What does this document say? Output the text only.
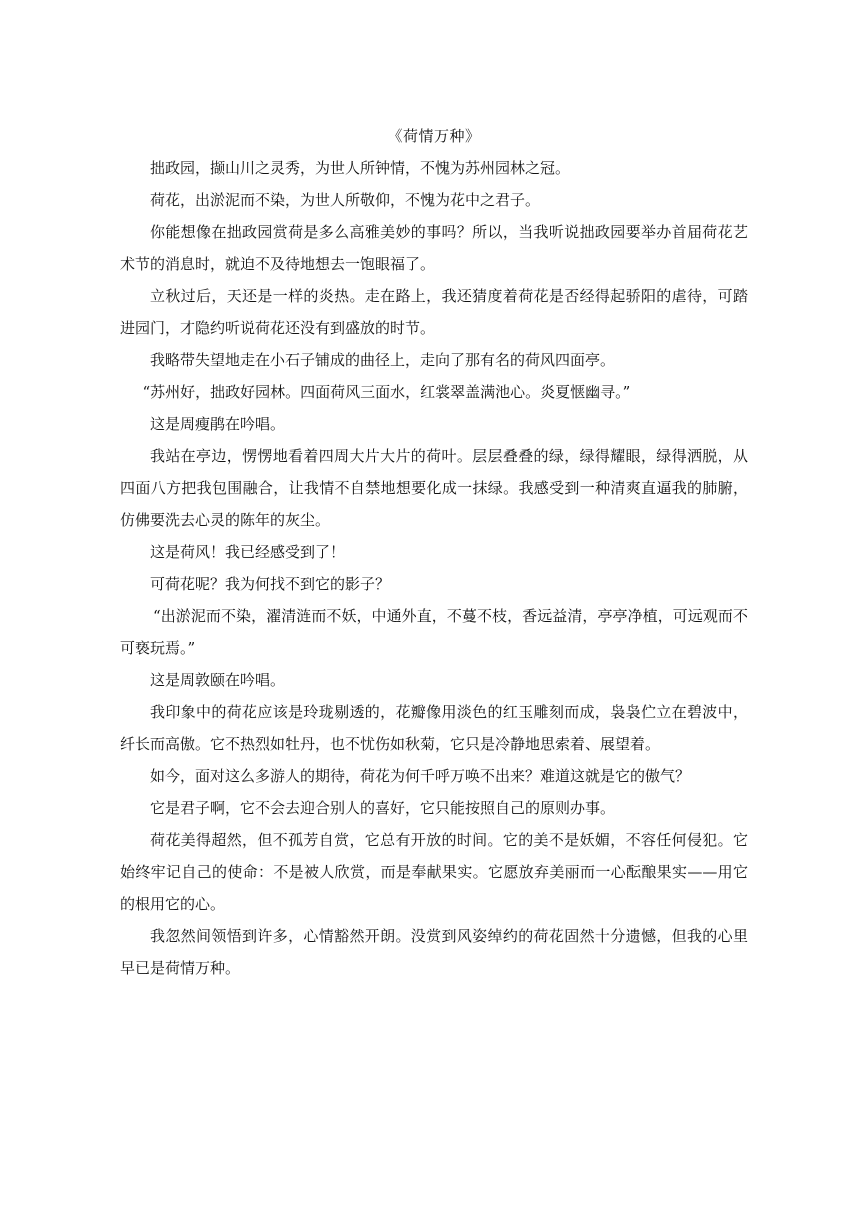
《荷情万种》

拙政园，撷山川之灵秀，为世人所钟情，不愧为苏州园林之冠。

荷花，出淤泥而不染，为世人所敬仰，不愧为花中之君子。

你能想像在拙政园赏荷是多么高雅美妙的事吗？所以，当我听说拙政园要举办首届荷花艺术节的消息时，就迫不及待地想去一饱眼福了。

立秋过后，天还是一样的炎热。走在路上，我还猜度着荷花是否经得起骄阳的虐待，可踏进园门，才隐约听说荷花还没有到盛放的时节。

我略带失望地走在小石子铺成的曲径上，走向了那有名的荷风四面亭。

“苏州好，拙政好园林。四面荷风三面水，红裳翠盖满池心。炎夏惬幽寻。”

这是周瘦鹃在吟唱。

我站在亭边，愣愣地看着四周大片大片的荷叶。层层叠叠的绿，绿得耀眼，绿得洒脱，从四面八方把我包围融合，让我情不自禁地想要化成一抹绿。我感受到一种清爽直逼我的肺腑，仿佛要洗去心灵的陈年的灰尘。

这是荷风！我已经感受到了！

可荷花呢？我为何找不到它的影子？

“出淤泥而不染，濯清涟而不妖，中通外直，不蔓不枝，香远益清，亭亭净植，可远观而不可亵玩焉。”

这是周敦颐在吟唱。

我印象中的荷花应该是玲珑剔透的，花瓣像用淡色的红玉雕刻而成，袅袅伫立在碧波中，纤长而高傲。它不热烈如牡丹，也不忧伤如秋菊，它只是冷静地思索着、展望着。

如今，面对这么多游人的期待，荷花为何千呼万唤不出来？难道这就是它的傲气？

它是君子啊，它不会去迎合别人的喜好，它只能按照自己的原则办事。

荷花美得超然，但不孤芳自赏，它总有开放的时间。它的美不是妖媚，不容任何侵犯。它始终牢记自己的使命：不是被人欣赏，而是奉献果实。它愿放弃美丽而一心酝酿果实——用它的根用它的心。

我忽然间领悟到许多，心情豁然开朗。没赏到风姿绰约的荷花固然十分遗憾，但我的心里早已是荷情万种。
